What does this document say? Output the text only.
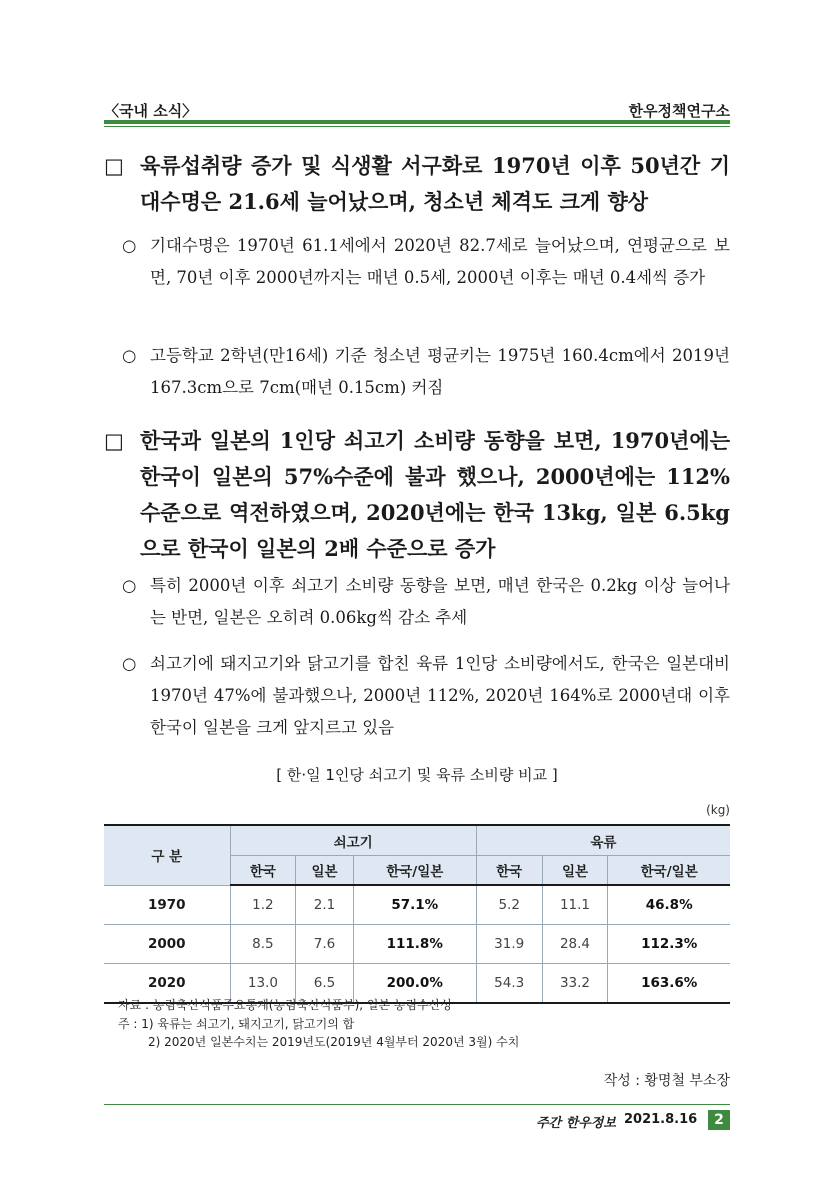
〈국내 소식〉	한우정책연구소
□ 육류섭취량 증가 및 식생활 서구화로 1970년 이후 50년간 기대수명은 21.6세 늘어났으며, 청소년 체격도 크게 향상
○ 기대수명은 1970년 61.1세에서 2020년 82.7세로 늘어났으며, 연평균으로 보면, 70년 이후 2000년까지는 매년 0.5세, 2000년 이후는 매년 0.4세씩 증가
○ 고등학교 2학년(만16세) 기준 청소년 평균키는 1975년 160.4cm에서 2019년 167.3cm으로 7cm(매년 0.15cm) 커짐
□ 한국과 일본의 1인당 쇠고기 소비량 동향을 보면, 1970년에는 한국이 일본의 57%수준에 불과 했으나, 2000년에는 112% 수준으로 역전하였으며, 2020년에는 한국 13kg, 일본 6.5kg으로 한국이 일본의 2배 수준으로 증가
○ 특히 2000년 이후 쇠고기 소비량 동향을 보면, 매년 한국은 0.2kg 이상 늘어나는 반면, 일본은 오히려 0.06kg씩 감소 추세
○ 쇠고기에 돼지고기와 닭고기를 합친 육류 1인당 소비량에서도, 한국은 일본대비 1970년 47%에 불과했으나, 2000년 112%, 2020년 164%로 2000년대 이후 한국이 일본을 크게 앞지르고 있음
[ 한·일 1인당 쇠고기 및 육류 소비량 비교 ]
(kg)
구 분	쇠고기			육류		
	한국	일본	한국/일본	한국	일본	한국/일본
1970	1.2	2.1	57.1%	5.2	11.1	46.8%
2000	8.5	7.6	111.8%	31.9	28.4	112.3%
2020	13.0	6.5	200.0%	54.3	33.2	163.6%
자료 : 농림축산식품주요통계(농림축산식품부), 일본 농림수산성
주 : 1) 육류는 쇠고기, 돼지고기, 닭고기의 합
2) 2020년 일본수치는 2019년도(2019년 4월부터 2020년 3월) 수치
작성 : 황명철 부소장
주간 한우정보 2021.8.16	2
